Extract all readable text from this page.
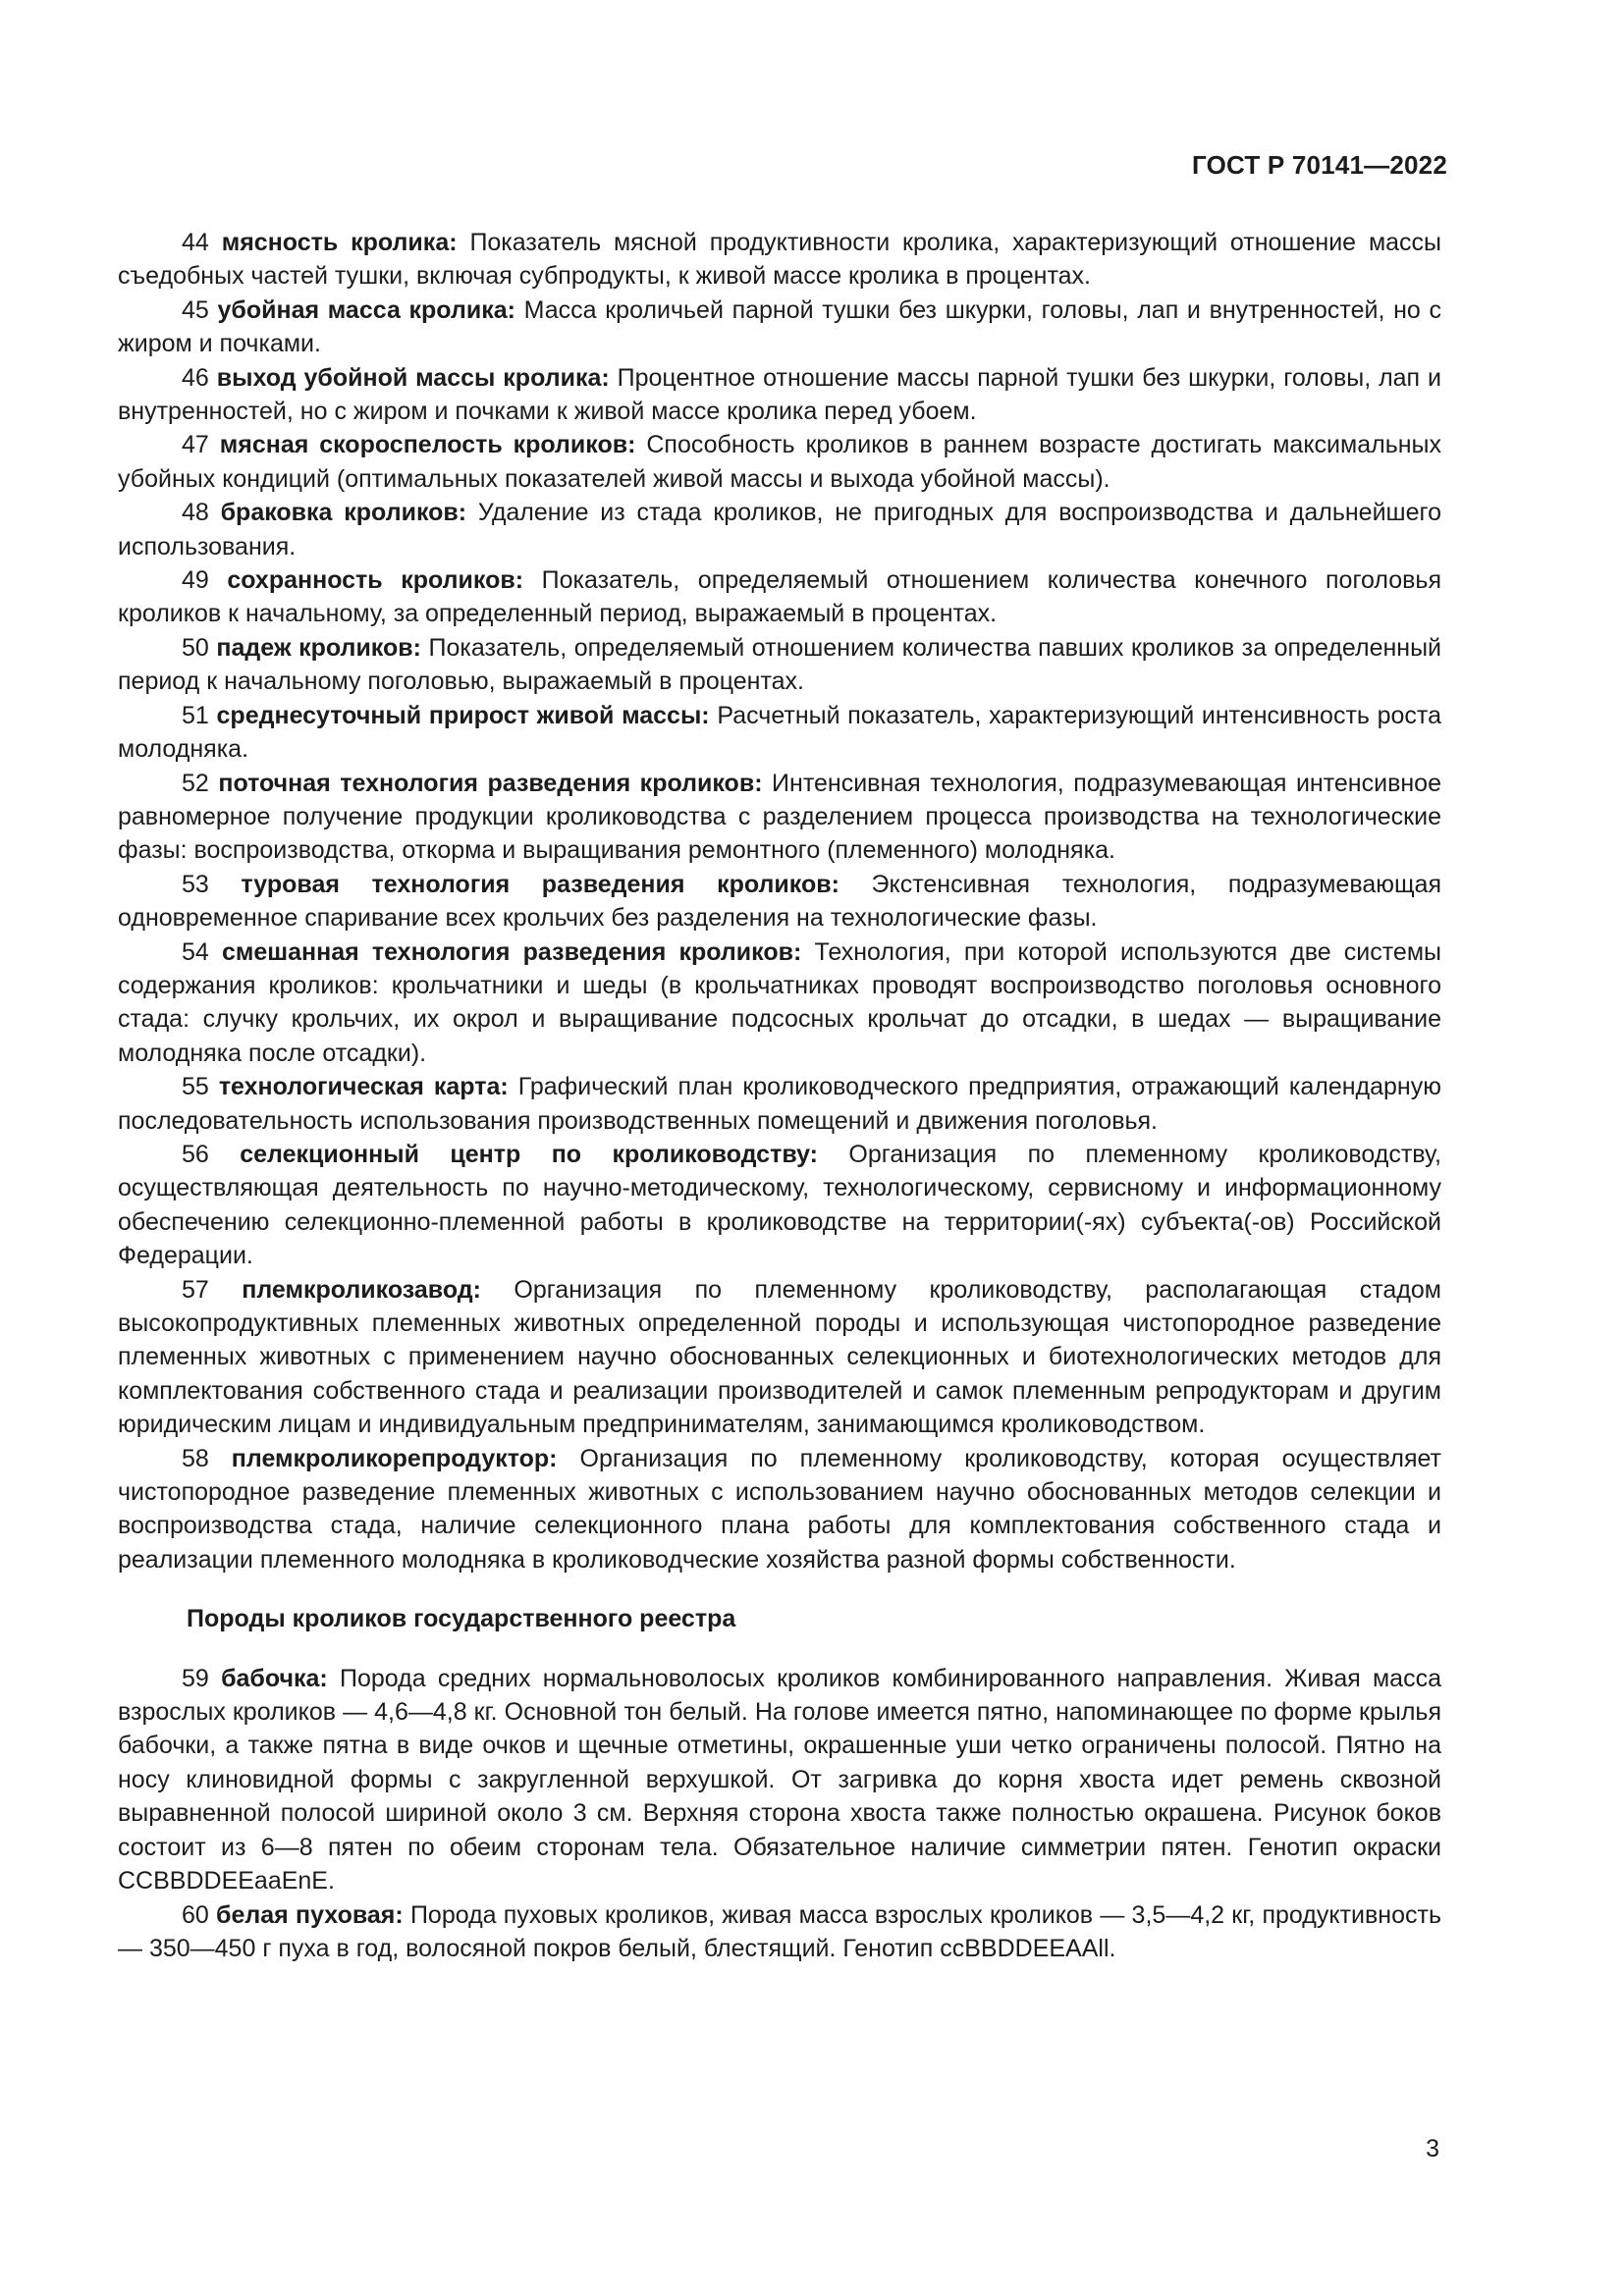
ГОСТ Р 70141—2022

44 мясность кролика: Показатель мясной продуктивности кролика, характеризующий отношение массы съедобных частей тушки, включая субпродукты, к живой массе кролика в процентах.

45 убойная масса кролика: Масса кроличьей парной тушки без шкурки, головы, лап и внутренностей, но с жиром и почками.

46 выход убойной массы кролика: Процентное отношение массы парной тушки без шкурки, головы, лап и внутренностей, но с жиром и почками к живой массе кролика перед убоем.

47 мясная скороспелость кроликов: Способность кроликов в раннем возрасте достигать максимальных убойных кондиций (оптимальных показателей живой массы и выхода убойной массы).

48 браковка кроликов: Удаление из стада кроликов, не пригодных для воспроизводства и дальнейшего использования.

49 сохранность кроликов: Показатель, определяемый отношением количества конечного поголовья кроликов к начальному, за определенный период, выражаемый в процентах.

50 падеж кроликов: Показатель, определяемый отношением количества павших кроликов за определенный период к начальному поголовью, выражаемый в процентах.

51 среднесуточный прирост живой массы: Расчетный показатель, характеризующий интенсивность роста молодняка.

52 поточная технология разведения кроликов: Интенсивная технология, подразумевающая интенсивное равномерное получение продукции кролиководства с разделением процесса производства на технологические фазы: воспроизводства, откорма и выращивания ремонтного (племенного) молодняка.

53 туровая технология разведения кроликов: Экстенсивная технология, подразумевающая одновременное спаривание всех крольчих без разделения на технологические фазы.

54 смешанная технология разведения кроликов: Технология, при которой используются две системы содержания кроликов: крольчатники и шеды (в крольчатниках проводят воспроизводство поголовья основного стада: случку крольчих, их окрол и выращивание подсосных крольчат до отсадки, в шедах — выращивание молодняка после отсадки).

55 технологическая карта: Графический план кролиководческого предприятия, отражающий календарную последовательность использования производственных помещений и движения поголовья.

56 селекционный центр по кролиководству: Организация по племенному кролиководству, осуществляющая деятельность по научно-методическому, технологическому, сервисному и информационному обеспечению селекционно-племенной работы в кролиководстве на территории(-ях) субъекта(-ов) Российской Федерации.

57 племкроликозавод: Организация по племенному кролиководству, располагающая стадом высокопродуктивных племенных животных определенной породы и использующая чистопородное разведение племенных животных с применением научно обоснованных селекционных и биотехнологических методов для комплектования собственного стада и реализации производителей и самок племенным репродукторам и другим юридическим лицам и индивидуальным предпринимателям, занимающимся кролиководством.

58 племкроликорепродуктор: Организация по племенному кролиководству, которая осуществляет чистопородное разведение племенных животных с использованием научно обоснованных методов селекции и воспроизводства стада, наличие селекционного плана работы для комплектования собственного стада и реализации племенного молодняка в кролиководческие хозяйства разной формы собственности.

Породы кроликов государственного реестра

59 бабочка: Порода средних нормальноволосых кроликов комбинированного направления. Живая масса взрослых кроликов — 4,6—4,8 кг. Основной тон белый. На голове имеется пятно, напоминающее по форме крылья бабочки, а также пятна в виде очков и щечные отметины, окрашенные уши четко ограничены полосой. Пятно на носу клиновидной формы с закругленной верхушкой. От загривка до корня хвоста идет ремень сквозной выравненной полосой шириной около 3 см. Верхняя сторона хвоста также полностью окрашена. Рисунок боков состоит из 6—8 пятен по обеим сторонам тела. Обязательное наличие симметрии пятен. Генотип окраски CCBBDDEEaaEnE.

60 белая пуховая: Порода пуховых кроликов, живая масса взрослых кроликов — 3,5—4,2 кг, продуктивность — 350—450 г пуха в год, волосяной покров белый, блестящий. Генотип ccBBDDEEAAll.

3
